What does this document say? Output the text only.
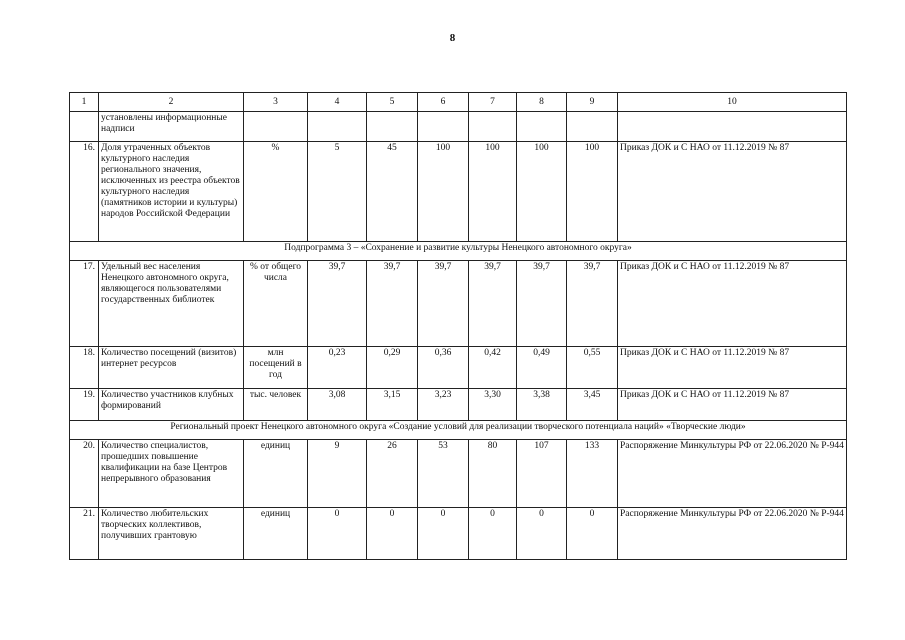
8
1	2	3	4	5	6	7	8	9	10
	установлены информационные надписи								
16.	Доля утраченных объектов культурного наследия регионального значения, исключенных из реестра объектов культурного наследия (памятников истории и культуры) народов Российской Федерации	%	5	45	100	100	100	100	Приказ ДОК и С НАО от 11.12.2019 № 87
Подпрограмма 3 – «Сохранение и развитие культуры Ненецкого автономного округа»									
17.	Удельный вес населения Ненецкого автономного округа, являющегося пользователями государственных библиотек	% от общего числа	39,7	39,7	39,7	39,7	39,7	39,7	Приказ ДОК и С НАО от 11.12.2019 № 87
18.	Количество посещений (визитов) интернет ресурсов	млн посещений в год	0,23	0,29	0,36	0,42	0,49	0,55	Приказ ДОК и С НАО от 11.12.2019 № 87
19.	Количество участников клубных формирований	тыс. человек	3,08	3,15	3,23	3,30	3,38	3,45	Приказ ДОК и С НАО от 11.12.2019 № 87
Региональный проект Ненецкого автономного округа «Создание условий для реализации творческого потенциала наций» «Творческие люди»									
20.	Количество специалистов, прошедших повышение квалификации на базе Центров непрерывного образования	единиц	9	26	53	80	107	133	Распоряжение Минкультуры РФ от 22.06.2020 № Р-944
21.	Количество любительских творческих коллективов, получивших грантовую	единиц	0	0	0	0	0	0	Распоряжение Минкультуры РФ от 22.06.2020 № Р-944
